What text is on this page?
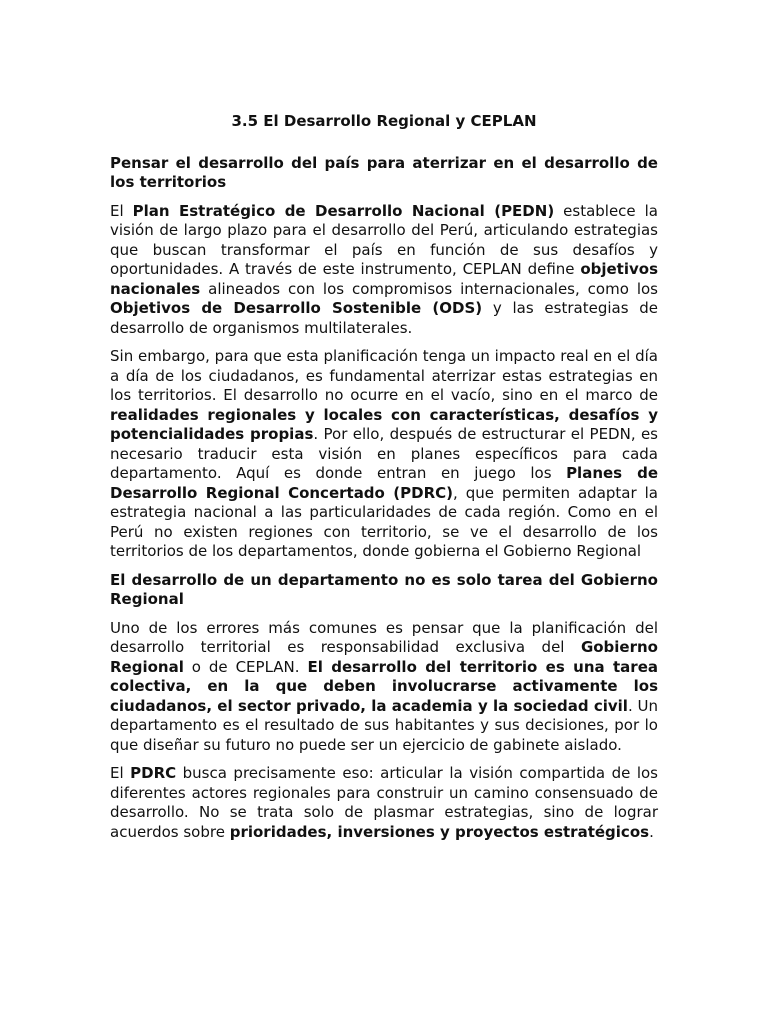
3.5 El Desarrollo Regional y CEPLAN
Pensar el desarrollo del país para aterrizar en el desarrollo de los territorios

El Plan Estratégico de Desarrollo Nacional (PEDN) establece la visión de largo plazo para el desarrollo del Perú, articulando estrategias que buscan transformar el país en función de sus desafíos y oportunidades. A través de este instrumento, CEPLAN define objetivos nacionales alineados con los compromisos internacionales, como los Objetivos de Desarrollo Sostenible (ODS) y las estrategias de desarrollo de organismos multilaterales.

Sin embargo, para que esta planificación tenga un impacto real en el día a día de los ciudadanos, es fundamental aterrizar estas estrategias en los territorios. El desarrollo no ocurre en el vacío, sino en el marco de realidades regionales y locales con características, desafíos y potencialidades propias. Por ello, después de estructurar el PEDN, es necesario traducir esta visión en planes específicos para cada departamento. Aquí es donde entran en juego los Planes de Desarrollo Regional Concertado (PDRC), que permiten adaptar la estrategia nacional a las particularidades de cada región. Como en el Perú no existen regiones con territorio, se ve el desarrollo de los territorios de los departamentos, donde gobierna el Gobierno Regional

El desarrollo de un departamento no es solo tarea del Gobierno Regional

Uno de los errores más comunes es pensar que la planificación del desarrollo territorial es responsabilidad exclusiva del Gobierno Regional o de CEPLAN. El desarrollo del territorio es una tarea colectiva, en la que deben involucrarse activamente los ciudadanos, el sector privado, la academia y la sociedad civil. Un departamento es el resultado de sus habitantes y sus decisiones, por lo que diseñar su futuro no puede ser un ejercicio de gabinete aislado.

El PDRC busca precisamente eso: articular la visión compartida de los diferentes actores regionales para construir un camino consensuado de desarrollo. No se trata solo de plasmar estrategias, sino de lograr acuerdos sobre prioridades, inversiones y proyectos estratégicos.
